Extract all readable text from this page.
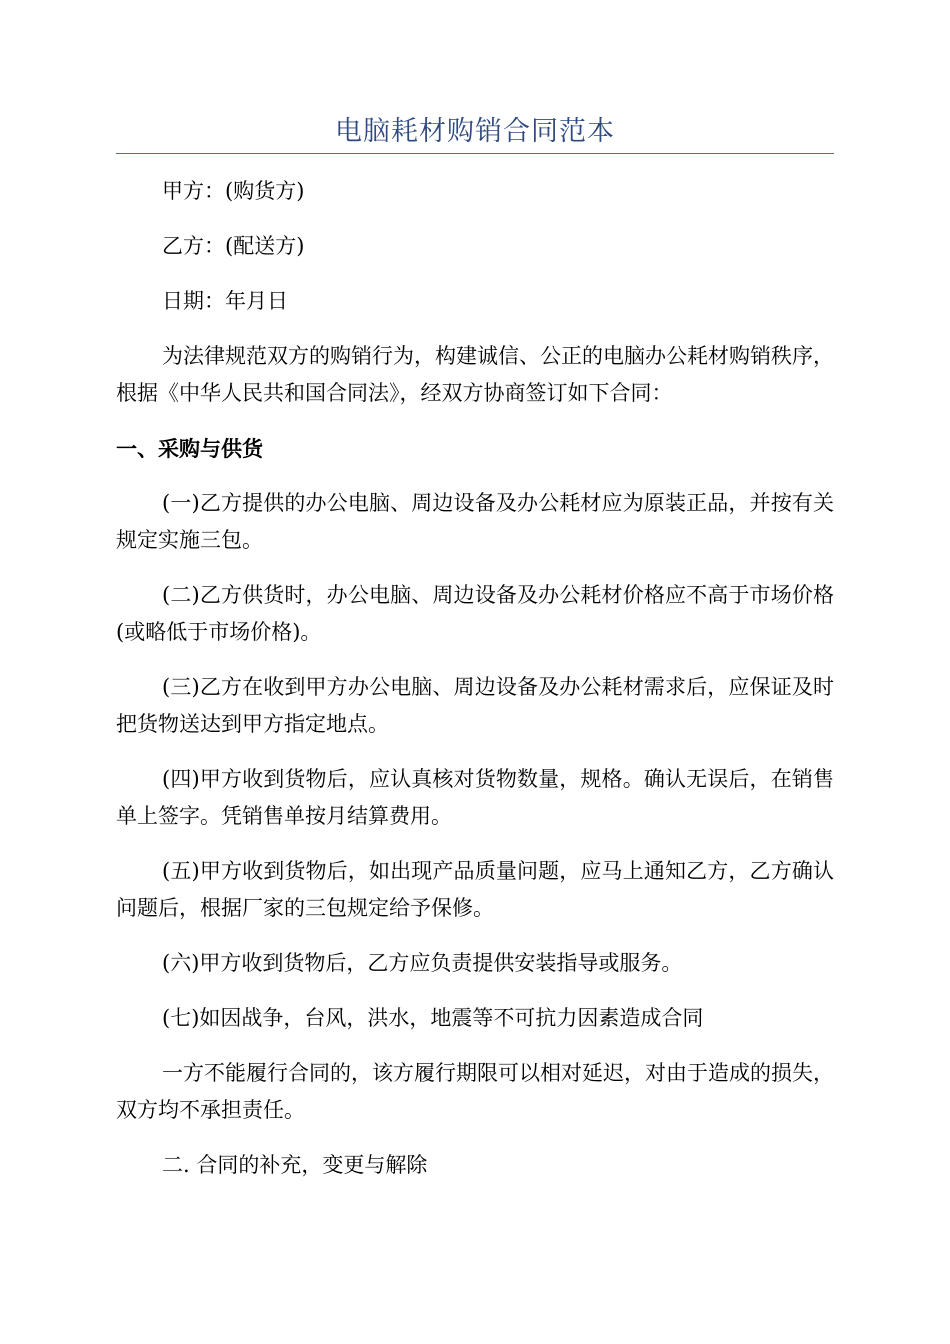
电脑耗材购销合同范本

甲方：(购货方)

乙方：(配送方)

日期：年月日

为法律规范双方的购销行为，构建诚信、公正的电脑办公耗材购销秩序，根据《中华人民共和国合同法》，经双方协商签订如下合同：

一、采购与供货

(一)乙方提供的办公电脑、周边设备及办公耗材应为原装正品，并按有关规定实施三包。

(二)乙方供货时，办公电脑、周边设备及办公耗材价格应不高于市场价格(或略低于市场价格)。

(三)乙方在收到甲方办公电脑、周边设备及办公耗材需求后，应保证及时把货物送达到甲方指定地点。

(四)甲方收到货物后，应认真核对货物数量，规格。确认无误后，在销售单上签字。凭销售单按月结算费用。

(五)甲方收到货物后，如出现产品质量问题，应马上通知乙方，乙方确认问题后，根据厂家的三包规定给予保修。

(六)甲方收到货物后，乙方应负责提供安装指导或服务。

(七)如因战争，台风，洪水，地震等不可抗力因素造成合同

一方不能履行合同的，该方履行期限可以相对延迟，对由于造成的损失，双方均不承担责任。

二. 合同的补充，变更与解除
